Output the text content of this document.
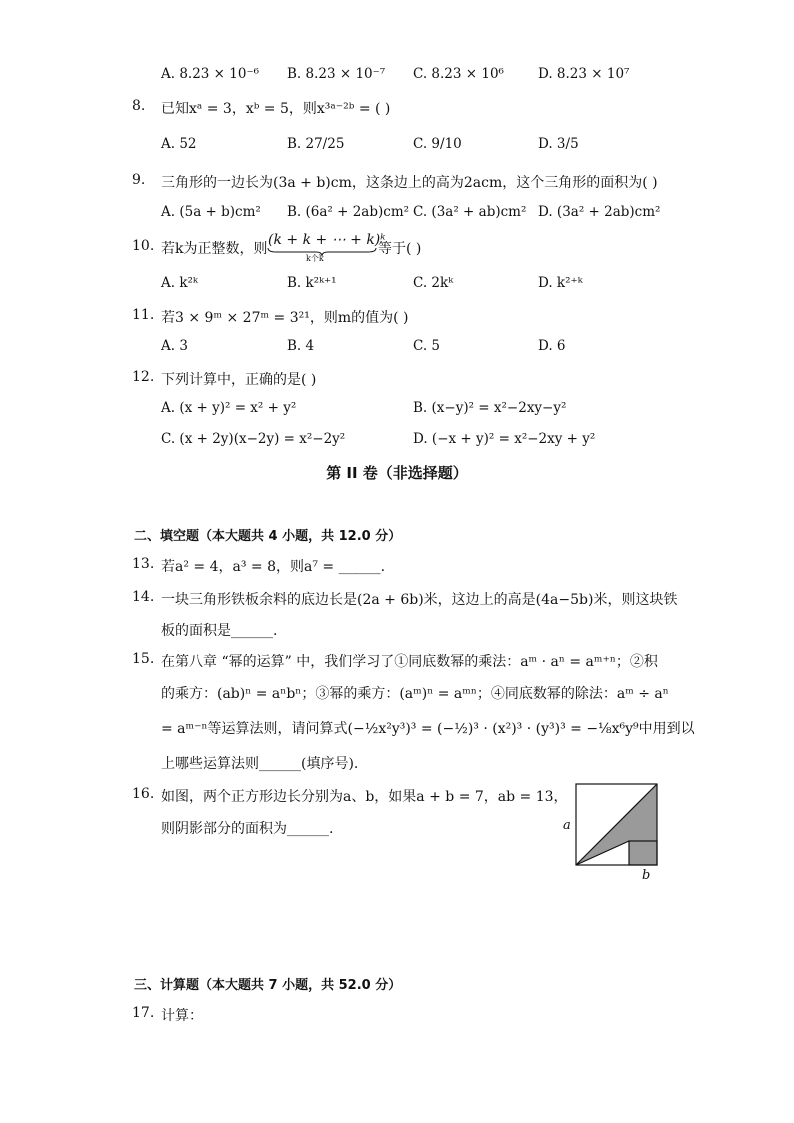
A. 8.23 × 10⁻⁶ B. 8.23 × 10⁻⁷ C. 8.23 × 10⁶	D. 8.23 × 10⁷
8. 已知xᵃ = 3，xᵇ = 5，则x³ᵃ⁻²ᵇ = ( )
A. 52	B. 27/25	C. 9/10	D. 3/5
9. 三角形的一边长为(3a + b)cm，这条边上的高为2acm，这个三角形的面积为( )
A. (5a + b)cm² B. (6a² + 2ab)cm² C. (3a² + ab)cm² D. (3a² + 2ab)cm²
10. 若k为正整数，则
(k + k + ⋯ + k)ᵏ
k个k
等于( )
A. k²ᵏ	B. k²ᵏ⁺¹	C. 2kᵏ	D. k²⁺ᵏ
11. 若3 × 9ᵐ × 27ᵐ = 3²¹，则m的值为( )
A. 3	B. 4	C. 5	D. 6
12. 下列计算中，正确的是( )
A. (x + y)² = x² + y²	B. (x−y)² = x²−2xy−y²
C. (x + 2y)(x−2y) = x²−2y²	D. (−x + y)² = x²−2xy + y²
第 II 卷（非选择题）
二、填空题（本大题共 4 小题，共 12.0 分）
13. 若a² = 4，a³ = 8，则a⁷ = ______.
14. 一块三角形铁板余料的底边长是(2a + 6b)米，这边上的高是(4a−5b)米，则这块铁
板的面积是______.
15. 在第八章 “幂的运算” 中，我们学习了①同底数幂的乘法：aᵐ · aⁿ = aᵐ⁺ⁿ；②积
的乘方：(ab)ⁿ = aⁿbⁿ；③幂的乘方：(aᵐ)ⁿ = aᵐⁿ；④同底数幂的除法：aᵐ ÷ aⁿ
= aᵐ⁻ⁿ等运算法则，请问算式(−½x²y³)³ = (−½)³ · (x²)³ · (y³)³ = −⅛x⁶y⁹中用到以
上哪些运算法则______(填序号).
16. 如图，两个正方形边长分别为a、b，如果a + b = 7，ab = 13，
则阴影部分的面积为______.	a
b
三、计算题（本大题共 7 小题，共 52.0 分）
17. 计算：
